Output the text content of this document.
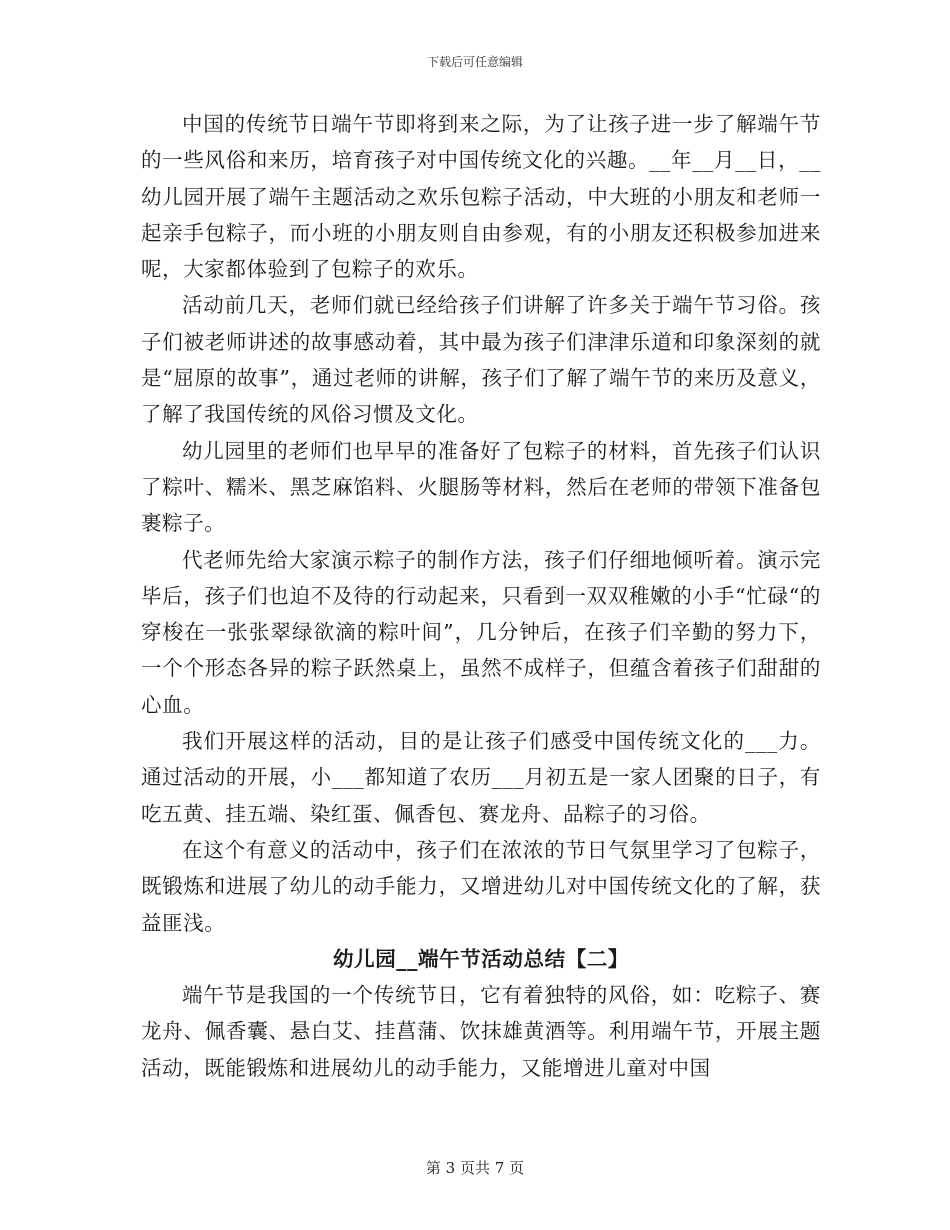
下载后可任意编辑

中国的传统节日端午节即将到来之际，为了让孩子进一步了解端午节的一些风俗和来历，培育孩子对中国传统文化的兴趣。__年__月__日，__幼儿园开展了端午主题活动之欢乐包粽子活动，中大班的小朋友和老师一起亲手包粽子，而小班的小朋友则自由参观，有的小朋友还积极参加进来呢，大家都体验到了包粽子的欢乐。

活动前几天，老师们就已经给孩子们讲解了许多关于端午节习俗。孩子们被老师讲述的故事感动着，其中最为孩子们津津乐道和印象深刻的就是“屈原的故事”，通过老师的讲解，孩子们了解了端午节的来历及意义，了解了我国传统的风俗习惯及文化。

幼儿园里的老师们也早早的准备好了包粽子的材料，首先孩子们认识了粽叶、糯米、黑芝麻馅料、火腿肠等材料，然后在老师的带领下准备包裹粽子。

代老师先给大家演示粽子的制作方法，孩子们仔细地倾听着。演示完毕后，孩子们也迫不及待的行动起来，只看到一双双稚嫩的小手“忙碌“的穿梭在一张张翠绿欲滴的粽叶间”，几分钟后，在孩子们辛勤的努力下，一个个形态各异的粽子跃然桌上，虽然不成样子，但蕴含着孩子们甜甜的心血。

我们开展这样的活动，目的是让孩子们感受中国传统文化的___力。通过活动的开展，小___都知道了农历___月初五是一家人团聚的日子，有吃五黄、挂五端、染红蛋、佩香包、赛龙舟、品粽子的习俗。

在这个有意义的活动中，孩子们在浓浓的节日气氛里学习了包粽子，既锻炼和进展了幼儿的动手能力，又增进幼儿对中国传统文化的了解，获益匪浅。

幼儿园__端午节活动总结【二】

端午节是我国的一个传统节日，它有着独特的风俗，如：吃粽子、赛龙舟、佩香囊、悬白艾、挂菖蒲、饮抹雄黄酒等。利用端午节，开展主题活动，既能锻炼和进展幼儿的动手能力，又能增进儿童对中国

第 3 页共 7 页
